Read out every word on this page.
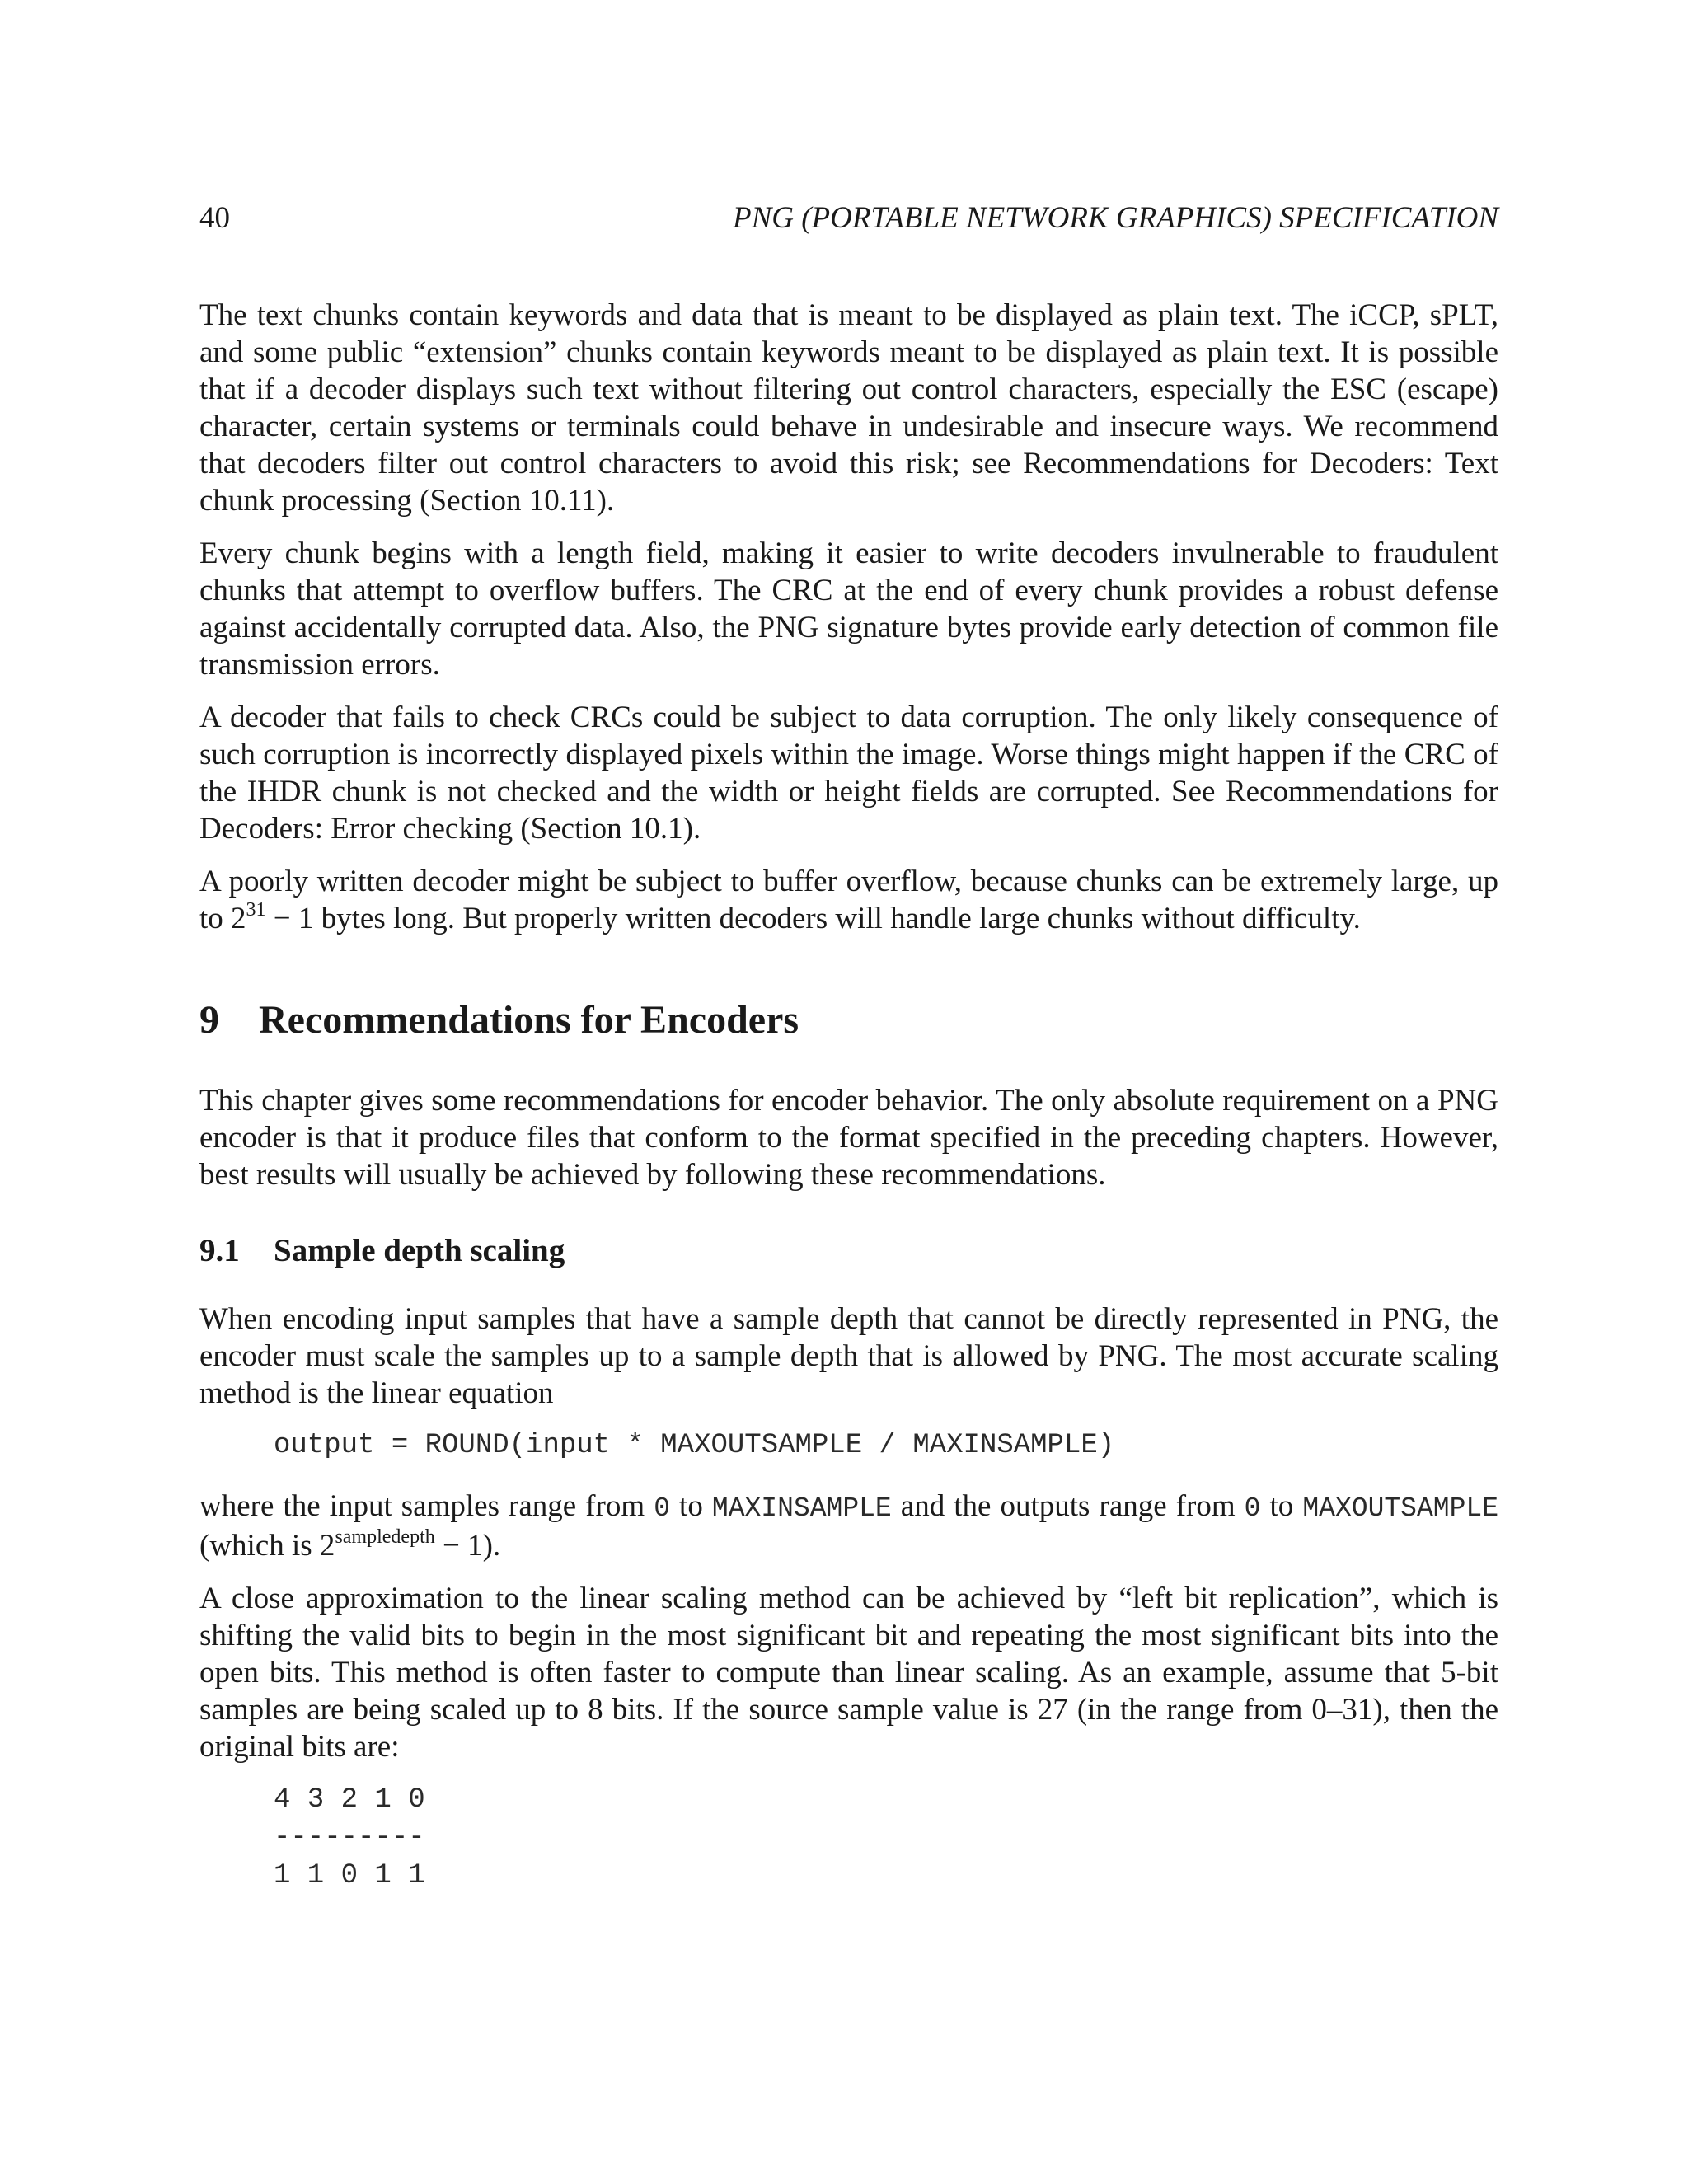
40	PNG (PORTABLE NETWORK GRAPHICS) SPECIFICATION

The text chunks contain keywords and data that is meant to be displayed as plain text. The iCCP, sPLT, and some public “extension” chunks contain keywords meant to be displayed as plain text. It is possible that if a decoder displays such text without filtering out control characters, especially the ESC (escape) character, certain systems or terminals could behave in undesirable and insecure ways. We recommend that decoders filter out control characters to avoid this risk; see Recommendations for Decoders: Text chunk processing (Section 10.11).

Every chunk begins with a length field, making it easier to write decoders invulnerable to fraudulent chunks that attempt to overflow buffers. The CRC at the end of every chunk provides a robust defense against accidentally corrupted data. Also, the PNG signature bytes provide early detection of common file transmission errors.

A decoder that fails to check CRCs could be subject to data corruption. The only likely consequence of such corruption is incorrectly displayed pixels within the image. Worse things might happen if the CRC of the IHDR chunk is not checked and the width or height fields are corrupted. See Recommendations for Decoders: Error checking (Section 10.1).

A poorly written decoder might be subject to buffer overflow, because chunks can be extremely large, up to $2^{31} - 1$ bytes long. But properly written decoders will handle large chunks without difficulty.

9 Recommendations for Encoders

This chapter gives some recommendations for encoder behavior. The only absolute requirement on a PNG encoder is that it produce files that conform to the format specified in the preceding chapters. However, best results will usually be achieved by following these recommendations.

9.1 Sample depth scaling

When encoding input samples that have a sample depth that cannot be directly represented in PNG, the encoder must scale the samples up to a sample depth that is allowed by PNG. The most accurate scaling method is the linear equation

output = ROUND(input * MAXOUTSAMPLE / MAXINSAMPLE)

where the input samples range from 0 to MAXINSAMPLE and the outputs range from 0 to MAXOUTSAMPLE (which is $2^{sampledepth} - 1$).

A close approximation to the linear scaling method can be achieved by “left bit replication”, which is shifting the valid bits to begin in the most significant bit and repeating the most significant bits into the open bits. This method is often faster to compute than linear scaling. As an example, assume that 5-bit samples are being scaled up to 8 bits. If the source sample value is 27 (in the range from 0–31), then the original bits are:

4 3 2 1 0
---------
1 1 0 1 1
